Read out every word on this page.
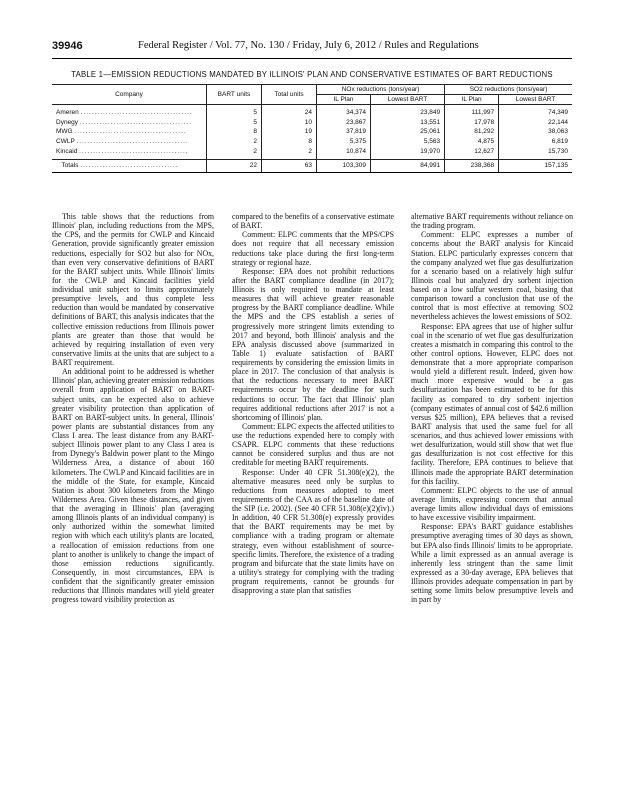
39946	Federal Register / Vol. 77, No. 130 / Friday, July 6, 2012 / Rules and Regulations
TABLE 1—EMISSION REDUCTIONS MANDATED BY ILLINOIS' PLAN AND CONSERVATIVE ESTIMATES OF BART REDUCTIONS
Company	BART units	Total units	NOx reductions (tons/year)		SO2 reductions (tons/year)	
			IL Plan	Lowest BART	IL Plan	Lowest BART
Ameren ........................................	5	24	34,374	23,849	111,997	74,349
Dynegy ........................................	5	10	23,867	13,551	17,978	22,144
MWG ........................................	8	19	37,819	25,061	81,292	38,063
CWLP ........................................	2	8	5,375	5,563	4,875	6,819
Kincaid .......................................	2	2	10,874	19,970	12,627	15,730
Totals ...................................	22	63	103,309	84,991	238,368	157,135

This table shows that the reductions from Illinois' plan, including reductions from the MPS, the CPS, and the permits for CWLP and Kincaid Generation, provide significantly greater emission reductions, especially for SO2 but also for NOx, than even very conservative definitions of BART for the BART subject units. While Illinois' limits for the CWLP and Kincaid facilities yield individual unit subject to limits approximately presumptive levels, and thus complete less reduction than would be mandated by conservative definitions of BART, this analysis indicates that the collective emission reductions from Illinois power plants are greater than those that would be achieved by requiring installation of even very conservative limits at the units that are subject to a BART requirement.

An additional point to be addressed is whether Illinois' plan, achieving greater emission reductions overall from application of BART on BART-subject units, can be expected also to achieve greater visibility protection than application of BART on BART-subject units. In general, Illinois' power plants are substantial distances from any Class I area. The least distance from any BART-subject Illinois power plant to any Class I area is from Dynegy's Baldwin power plant to the Mingo Wilderness Area, a distance of about 160 kilometers. The CWLP and Kincaid facilities are in the middle of the State, for example, Kincaid Station is about 300 kilometers from the Mingo Wilderness Area. Given these distances, and given that the averaging in Illinois' plan (averaging among Illinois plants of an individual company) is only authorized within the somewhat limited region with which each utility's plants are located, a reallocation of emission reductions from one plant to another is unlikely to change the impact of those emission reductions significantly. Consequently, in most circumstances, EPA is confident that the significantly greater emission reductions that Illinois mandates will yield greater progress toward visibility protection as

compared to the benefits of a conservative estimate of BART.

Comment: ELPC comments that the MPS/CPS does not require that all necessary emission reductions take place during the first long-term strategy or regional haze.

Response: EPA does not prohibit reductions after the BART compliance deadline (in 2017); Illinois is only required to mandate at least measures that will achieve greater reasonable progress by the BART compliance deadline. While the MPS and the CPS establish a series of progressively more stringent limits extending to 2017 and beyond, both Illinois' analysis and the EPA analysis discussed above (summarized in Table 1) evaluate satisfaction of BART requirements by considering the emission limits in place in 2017. The conclusion of that analysis is that the reductions necessary to meet BART requirements occur by the deadline for such reductions to occur. The fact that Illinois' plan requires additional reductions after 2017 is not a shortcoming of Illinois' plan.

Comment: ELPC expects the affected utilities to use the reductions expended here to comply with CSAPR. ELPC comments that these reductions cannot be considered surplus and thus are not creditable for meeting BART requirements.

Response: Under 40 CFR 51.308(e)(2), the alternative measures need only be surplus to reductions from measures adopted to meet requirements of the CAA as of the baseline date of the SIP (i.e. 2002). (See 40 CFR 51.308(e)(2)(iv).) In addition, 40 CFR 51.308(e) expressly provides that the BART requirements may be met by compliance with a trading program or alternate strategy, even without establishment of source-specific limits. Therefore, the existence of a trading program and bifurcate that the state limits have on a utility's strategy for complying with the trading program requirements, cannot be grounds for disapproving a state plan that satisfies

alternative BART requirements without reliance on the trading program.

Comment: ELPC expresses a number of concerns about the BART analysis for Kincaid Station. ELPC particularly expresses concern that the company analyzed wet flue gas desulfurization for a scenario based on a relatively high sulfur Illinois coal but analyzed dry sorbent injection based on a low sulfur western coal, biasing that comparison toward a conclusion that use of the control that is most effective at removing SO2 nevertheless achieves the lowest emissions of SO2.

Response: EPA agrees that use of higher sulfur coal in the scenario of wet flue gas desulfurization creates a mismatch in comparing this control to the other control options. However, ELPC does not demonstrate that a more appropriate comparison would yield a different result. Indeed, given how much more expensive would be a gas desulfurization has been estimated to be for this facility as compared to dry sorbent injection (company estimates of annual cost of $42.6 million versus $25 million), EPA believes that a revised BART analysis that used the same fuel for all scenarios, and thus achieved lower emissions with wet desulfurization, would still show that wet flue gas desulfurization is not cost effective for this facility. Therefore, EPA continues to believe that Illinois made the appropriate BART determination for this facility.

Comment: ELPC objects to the use of annual average limits, expressing concern that annual average limits allow individual days of emissions to have excessive visibility impairment.

Response: EPA's BART guidance establishes presumptive averaging times of 30 days as shown, but EPA also finds Illinois' limits to be appropriate. While a limit expressed as an annual average is inherently less stringent than the same limit expressed as a 30-day average, EPA believes that Illinois provides adequate compensation in part by setting some limits below presumptive levels and in part by
